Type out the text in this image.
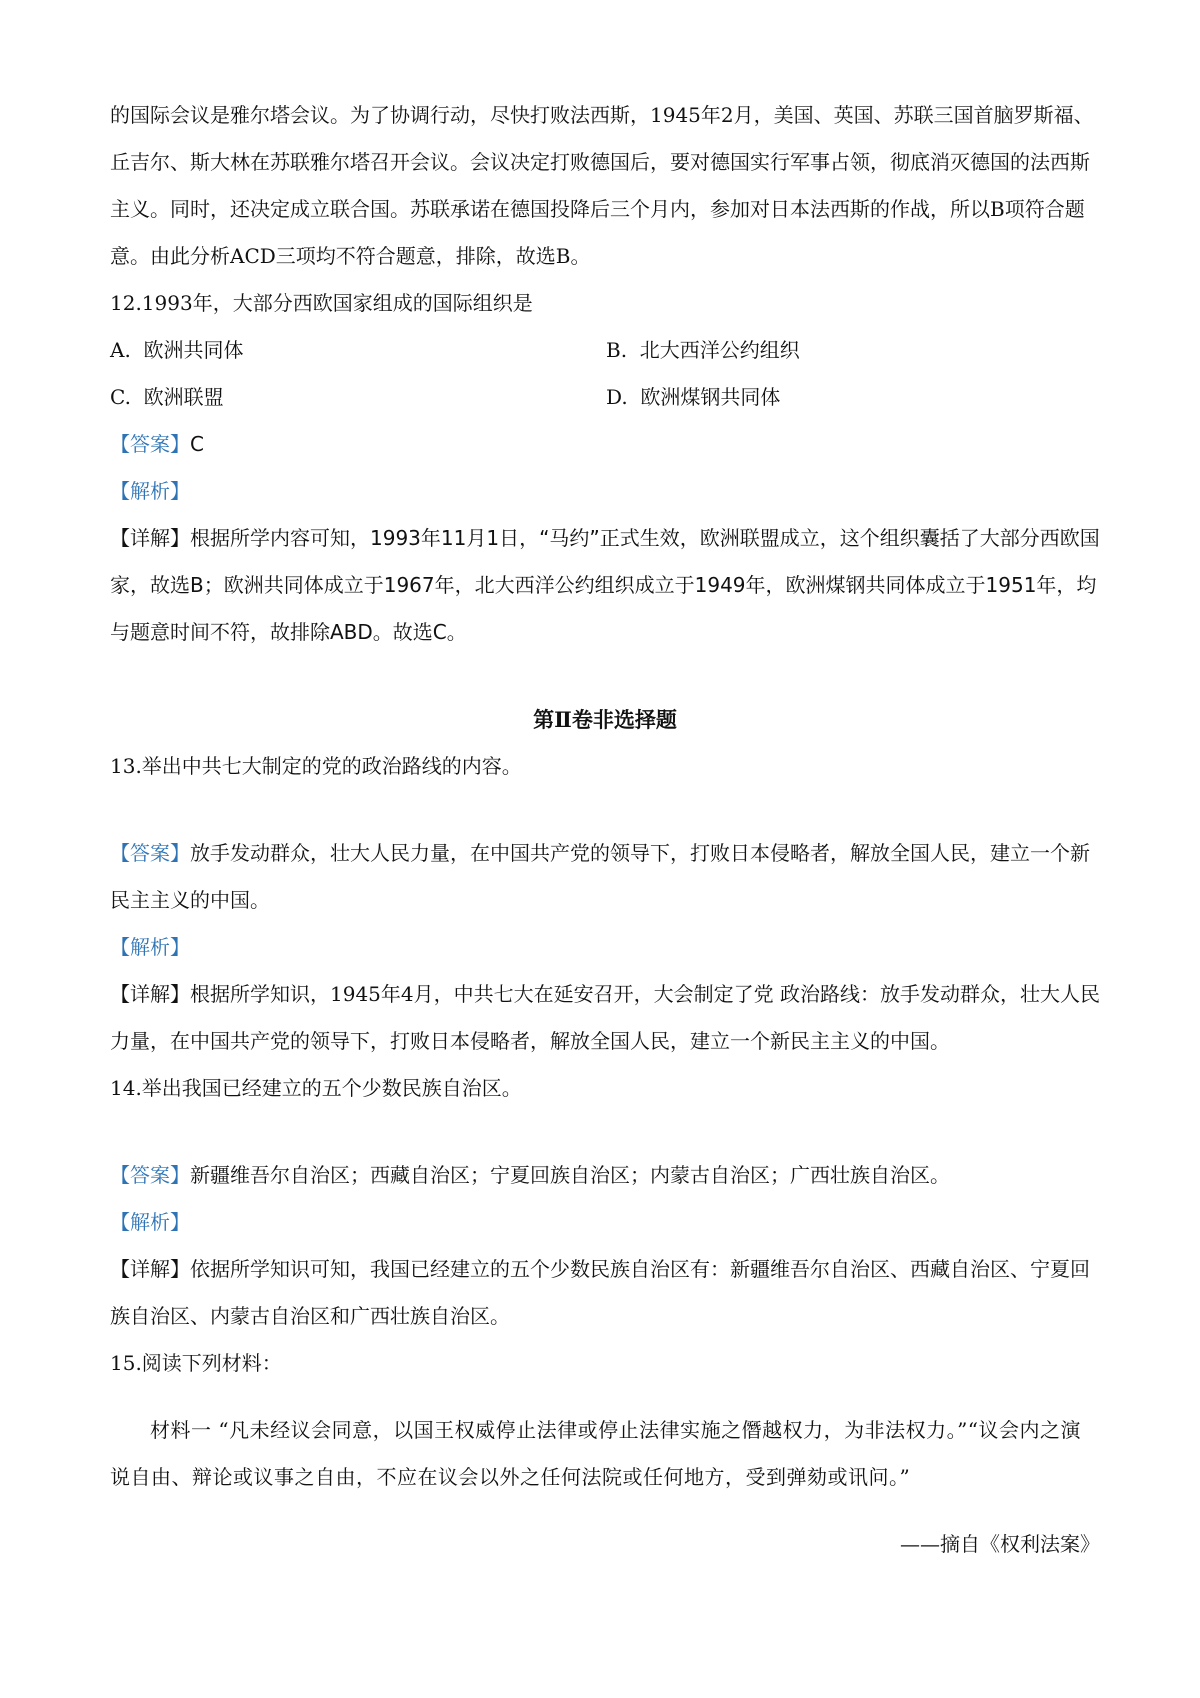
的国际会议是雅尔塔会议。为了协调行动，尽快打败法西斯，1945年2月，美国、英国、苏联三国首脑罗斯福、丘吉尔、斯大林在苏联雅尔塔召开会议。会议决定打败德国后，要对德国实行军事占领，彻底消灭德国的法西斯主义。同时，还决定成立联合国。苏联承诺在德国投降后三个月内，参加对日本法西斯的作战，所以B项符合题意。由此分析ACD三项均不符合题意，排除，故选B。

12.1993年，大部分西欧国家组成的国际组织是

A. 欧洲共同体	B. 北大西洋公约组织
C. 欧洲联盟	D. 欧洲煤钢共同体

【答案】C

【解析】

【详解】根据所学内容可知，1993年11月1日，“马约”正式生效，欧洲联盟成立，这个组织囊括了大部分西欧国家，故选B；欧洲共同体成立于1967年，北大西洋公约组织成立于1949年，欧洲煤钢共同体成立于1951年，均与题意时间不符，故排除ABD。故选C。

第Ⅱ卷非选择题

13.举出中共七大制定的党的政治路线的内容。

【答案】放手发动群众，壮大人民力量，在中国共产党的领导下，打败日本侵略者，解放全国人民，建立一个新民主主义的中国。

【解析】

【详解】根据所学知识，1945年4月，中共七大在延安召开，大会制定了党 政治路线：放手发动群众，壮大人民力量，在中国共产党的领导下，打败日本侵略者，解放全国人民，建立一个新民主主义的中国。

14.举出我国已经建立的五个少数民族自治区。

【答案】新疆维吾尔自治区；西藏自治区；宁夏回族自治区；内蒙古自治区；广西壮族自治区。

【解析】

【详解】依据所学知识可知，我国已经建立的五个少数民族自治区有：新疆维吾尔自治区、西藏自治区、宁夏回族自治区、内蒙古自治区和广西壮族自治区。

15.阅读下列材料：

材料一 “凡未经议会同意，以国王权威停止法律或停止法律实施之僭越权力，为非法权力。”“议会内之演说自由、辩论或议事之自由，不应在议会以外之任何法院或任何地方，受到弹劾或讯问。”

——摘自《权利法案》
